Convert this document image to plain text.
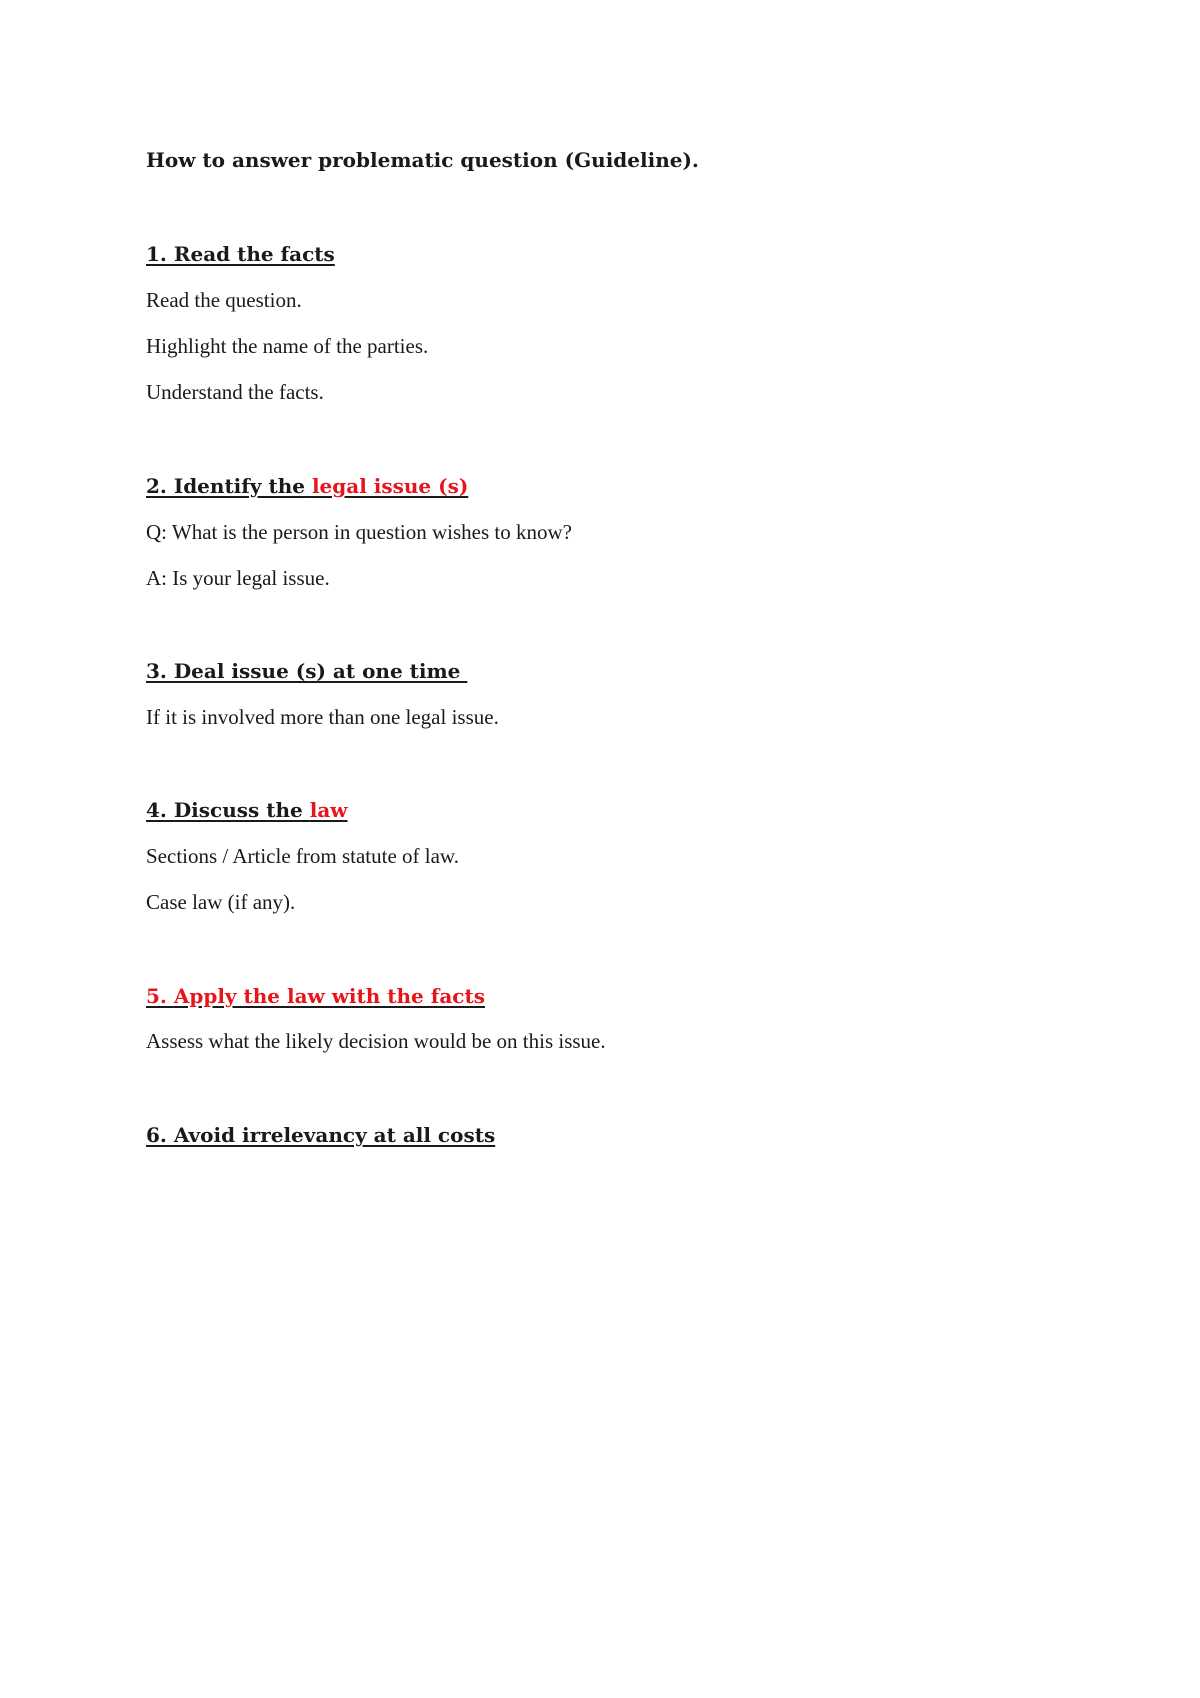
How to answer problematic question (Guideline).

1. Read the facts

Read the question.

Highlight the name of the parties.

Understand the facts.

2. Identify the legal issue (s)

Q: What is the person in question wishes to know?

A: Is your legal issue.

3. Deal issue (s) at one time

If it is involved more than one legal issue.

4. Discuss the law

Sections / Article from statute of law.

Case law (if any).

5. Apply the law with the facts

Assess what the likely decision would be on this issue.

6. Avoid irrelevancy at all costs
